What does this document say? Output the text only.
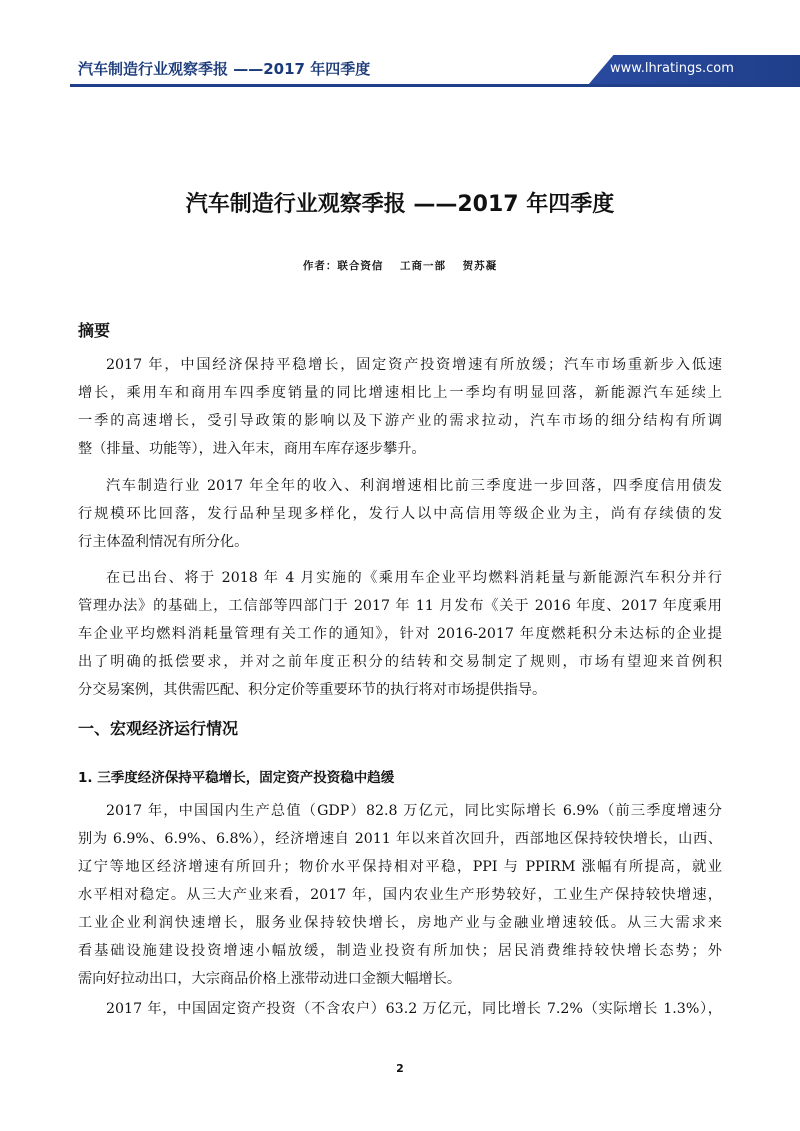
汽车制造行业观察季报 ——2017 年四季度	www.lhratings.com
汽车制造行业观察季报 ——2017 年四季度
作者：联合资信 工商一部 贺苏凝
摘要
2017 年，中国经济保持平稳增长，固定资产投资增速有所放缓；汽车市场重新步入低速
增长，乘用车和商用车四季度销量的同比增速相比上一季均有明显回落，新能源汽车延续上
一季的高速增长，受引导政策的影响以及下游产业的需求拉动，汽车市场的细分结构有所调
整（排量、功能等），进入年末，商用车库存逐步攀升。
汽车制造行业 2017 年全年的收入、利润增速相比前三季度进一步回落，四季度信用债发
行规模环比回落，发行品种呈现多样化，发行人以中高信用等级企业为主，尚有存续债的发
行主体盈利情况有所分化。
在已出台、将于 2018 年 4 月实施的《乘用车企业平均燃料消耗量与新能源汽车积分并行
管理办法》的基础上，工信部等四部门于 2017 年 11 月发布《关于 2016 年度、2017 年度乘用
车企业平均燃料消耗量管理有关工作的通知》，针对 2016-2017 年度燃耗积分未达标的企业提
出了明确的抵偿要求，并对之前年度正积分的结转和交易制定了规则，市场有望迎来首例积
分交易案例，其供需匹配、积分定价等重要环节的执行将对市场提供指导。
一、宏观经济运行情况
1. 三季度经济保持平稳增长，固定资产投资稳中趋缓
2017 年，中国国内生产总值（GDP）82.8 万亿元，同比实际增长 6.9%（前三季度增速分
别为 6.9%、6.9%、6.8%），经济增速自 2011 年以来首次回升，西部地区保持较快增长，山西、
辽宁等地区经济增速有所回升；物价水平保持相对平稳，PPI 与 PPIRM 涨幅有所提高，就业
水平相对稳定。从三大产业来看，2017 年，国内农业生产形势较好，工业生产保持较快增速，
工业企业利润快速增长，服务业保持较快增长，房地产业与金融业增速较低。从三大需求来
看基础设施建设投资增速小幅放缓，制造业投资有所加快；居民消费维持较快增长态势；外
需向好拉动出口，大宗商品价格上涨带动进口金额大幅增长。
2017 年，中国固定资产投资（不含农户）63.2 万亿元，同比增长 7.2%（实际增长 1.3%），
2
